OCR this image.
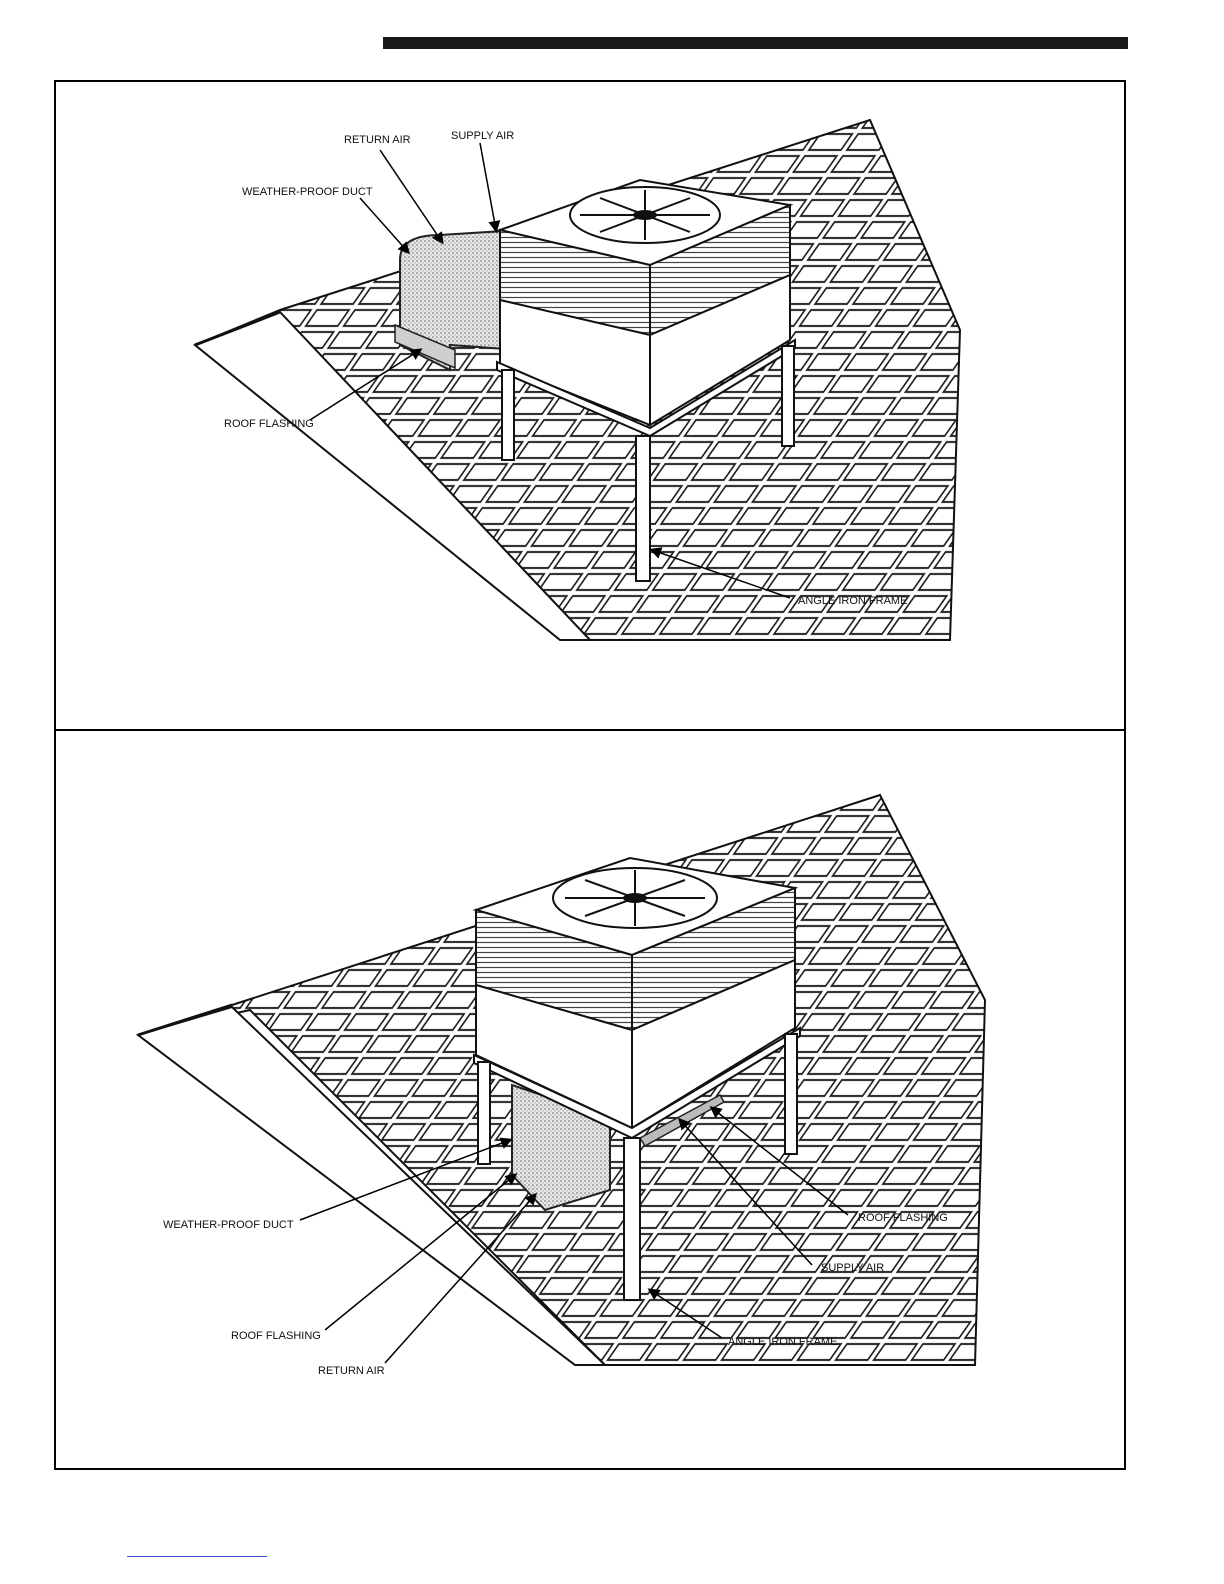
RETURN AIR	SUPPLY AIR
WEATHER-PROOF DUCT
ROOF FLASHING
ANGLE IRON FRAME
WEATHER-PROOF DUCT
ROOF FLASHING
RETURN AIR
ROOF FLASHING
SUPPLY AIR
ANGLE IRON FRAME
